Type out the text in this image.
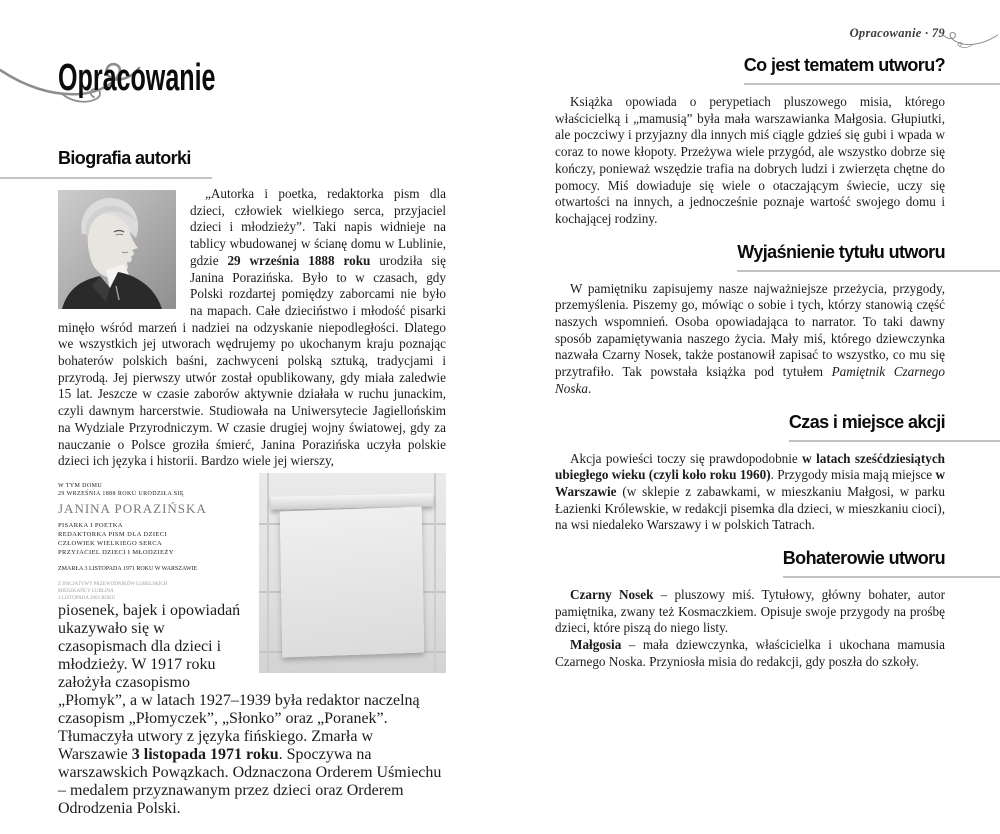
Opracowanie
Biografia autorki

„Autorka i poetka, redaktorka pism dla dzieci, człowiek wielkiego serca, przyjaciel dzieci i młodzieży”. Taki napis widnieje na tablicy wbudowanej w ścianę domu w Lublinie, gdzie 29 września 1888 roku urodziła się Janina Porazińska. Było to w czasach, gdy Polski rozdartej pomiędzy zaborcami nie było na mapach. Całe dzieciństwo i młodość pisarki minęło wśród marzeń i nadziei na odzyskanie niepodległości. Dlatego we wszystkich jej utworach wędrujemy po ukochanym kraju poznając bohaterów polskich baśni, zachwyceni polską sztuką, tradycjami i przyrodą. Jej pierwszy utwór został opublikowany, gdy miała zaledwie 15 lat. Jeszcze w czasie zaborów aktywnie działała w ruchu junackim, czyli dawnym harcerstwie. Studiowała na Uniwersytecie Jagiellońskim na Wydziale Przyrodniczym. W czasie drugiej wojny światowej, gdy za nauczanie o Polsce groziła śmierć, Janina Porazińska uczyła polskie dzieci ich języka i historii. Bardzo wiele jej wierszy,

W TYM DOMU
29 WRZEŚNIA 1888 ROKU URODZIŁA SIĘ
JANINA PORAZIŃSKA
PISARKA I POETKA
REDAKTORKA PISM DLA DZIECI
CZŁOWIEK WIELKIEGO SERCA
PRZYJACIEL DZIECI I MŁODZIEŻY
ZMARŁA 3 LISTOPADA 1971 ROKU W WARSZAWIE
Z INICJATYWY PRZEWODNIKÓW LUBELSKICH
MIESZKAŃCY LUBLINA
3 LISTOPADA 2003 ROKU
piosenek, bajek i opowiadań ukazywało się w czasopismach dla dzieci i młodzieży. W 1917 roku założyła czasopismo „Płomyk”, a w latach 1927–1939 była redaktor naczelną czasopism „Płomyczek”, „Słonko” oraz „Poranek”. Tłumaczyła utwory z języka fińskiego. Zmarła w Warszawie 3 listopada 1971 roku. Spoczywa na warszawskich Powązkach. Odznaczona Orderem Uśmiechu – medalem przyznawanym przez dzieci oraz Orderem Odrodzenia Polski.

Opracowanie · 79
Co jest tematem utworu?

Książka opowiada o perypetiach pluszowego misia, którego właścicielką i „mamusią” była mała warszawianka Małgosia. Głupiutki, ale poczciwy i przyjazny dla innych miś ciągle gdzieś się gubi i wpada w coraz to nowe kłopoty. Przeżywa wiele przygód, ale wszystko dobrze się kończy, ponieważ wszędzie trafia na dobrych ludzi i zwierzęta chętne do pomocy. Miś dowiaduje się wiele o otaczającym świecie, uczy się otwartości na innych, a jednocześnie poznaje wartość swojego domu i kochającej rodziny.

Wyjaśnienie tytułu utworu

W pamiętniku zapisujemy nasze najważniejsze przeżycia, przygody, przemyślenia. Piszemy go, mówiąc o sobie i tych, którzy stanowią część naszych wspomnień. Osoba opowiadająca to narrator. To taki dawny sposób zapamiętywania naszego życia. Mały miś, którego dziewczynka nazwała Czarny Nosek, także postanowił zapisać to wszystko, co mu się przytrafiło. Tak powstała książka pod tytułem Pamiętnik Czarnego Noska.

Czas i miejsce akcji

Akcja powieści toczy się prawdopodobnie w latach sześćdziesiątych ubiegłego wieku (czyli koło roku 1960). Przygody misia mają miejsce w Warszawie (w sklepie z zabawkami, w mieszkaniu Małgosi, w parku Łazienki Królewskie, w redakcji pisemka dla dzieci, w mieszkaniu cioci), na wsi niedaleko Warszawy i w polskich Tatrach.

Bohaterowie utworu

Czarny Nosek – pluszowy miś. Tytułowy, główny bohater, autor pamiętnika, zwany też Kosmaczkiem. Opisuje swoje przygody na prośbę dzieci, które piszą do niego listy.

Małgosia – mała dziewczynka, właścicielka i ukochana mamusia Czarnego Noska. Przyniosła misia do redakcji, gdy poszła do szkoły.
